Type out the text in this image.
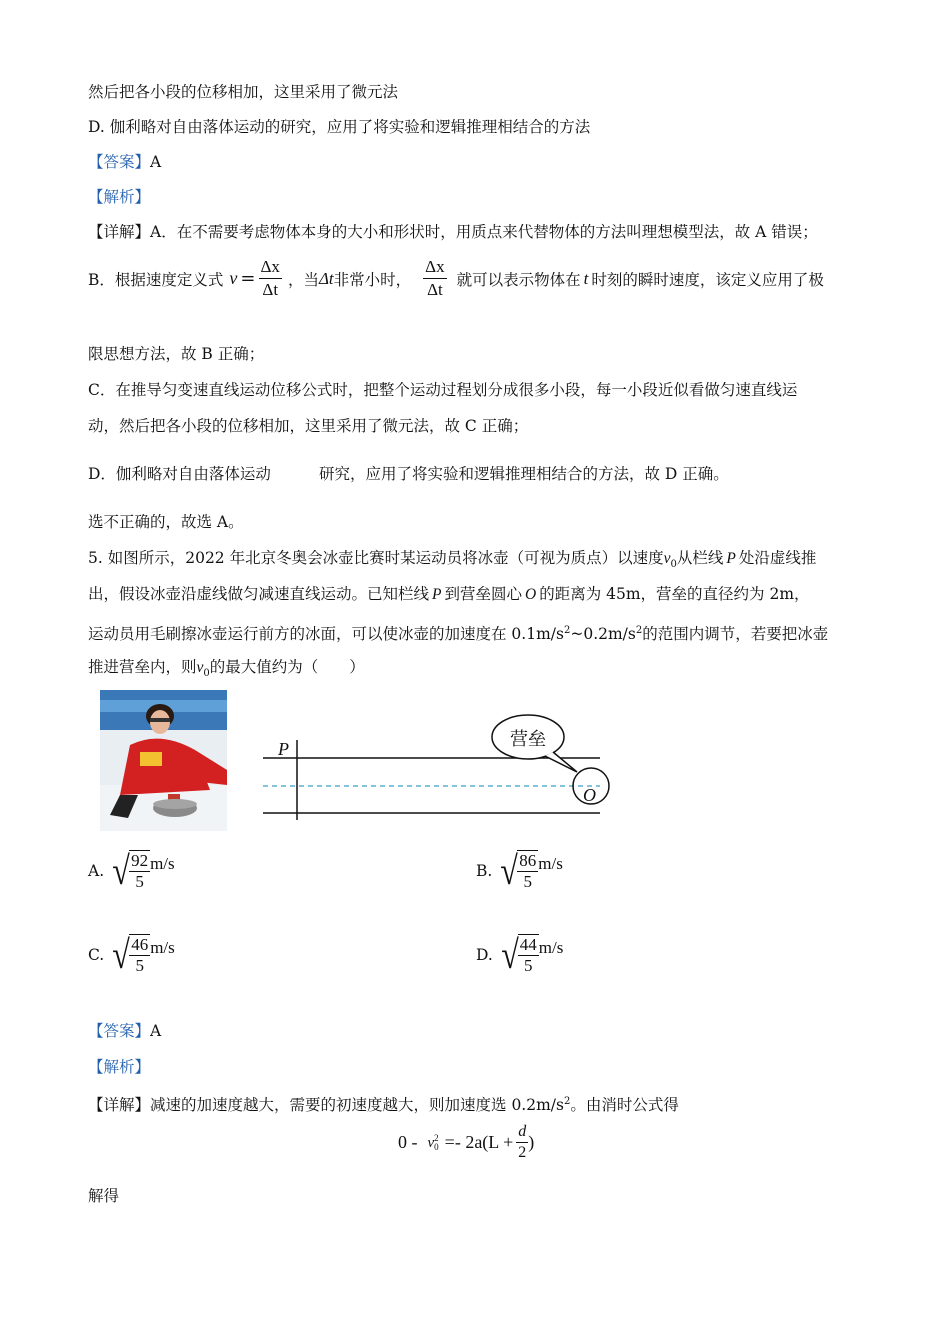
然后把各小段的位移相加，这里采用了微元法
D. 伽利略对自由落体运动的研究，应用了将实验和逻辑推理相结合的方法
【答案】A
【解析】
【详解】A．在不需要考虑物体本身的大小和形状时，用质点来代替物体的方法叫理想模型法，故 A 错误；
B．根据速度定义式 $v = \frac{\Delta x}{\Delta t}$ ，当 Δt 非常小时， $\frac{\Delta x}{\Delta t}$ 就可以表示物体在 t 时刻的瞬时速度，该定义应用了极
限思想方法，故 B 正确；
C．在推导匀变速直线运动位移公式时，把整个运动过程划分成很多小段，每一小段近似看做匀速直线运
动，然后把各小段的位移相加，这里采用了微元法，故 C 正确；
D．伽利略对自由落体运动	研究，应用了将实验和逻辑推理相结合的方法，故 D 正确。
选不正确的，故选 A。
5. 如图所示，2022 年北京冬奥会冰壶比赛时某运动员将冰壶（可视为质点）以速度$v_0$从栏线 P 处沿虚线推
出，假设冰壶沿虚线做匀减速直线运动。已知栏线 P 到营垒圆心 O 的距离为 45m，营垒的直径约为 2m，
运动员用毛刷擦冰壶运行前方的冰面，可以使冰壶的加速度在 $0.1m/s^2\sim 0.2m/s^2$的范围内调节，若要把冰壶
推进营垒内，则$v_0$的最大值约为（　　）
P
O
营垒
A. √ $\frac{92}{5} m/s$	B. √ $\frac{86}{5} m/s$
C. √ $\frac{46}{5} m/s$	D. √ $\frac{44}{5} m/s$
【答案】A
【解析】
【详解】减速的加速度越大，需要的初速度越大，则加速度选 $0.2m/s^2$。由消时公式得
0 - v 2
$0 =- 2a(L + \frac{d}{2}$ )
解得
